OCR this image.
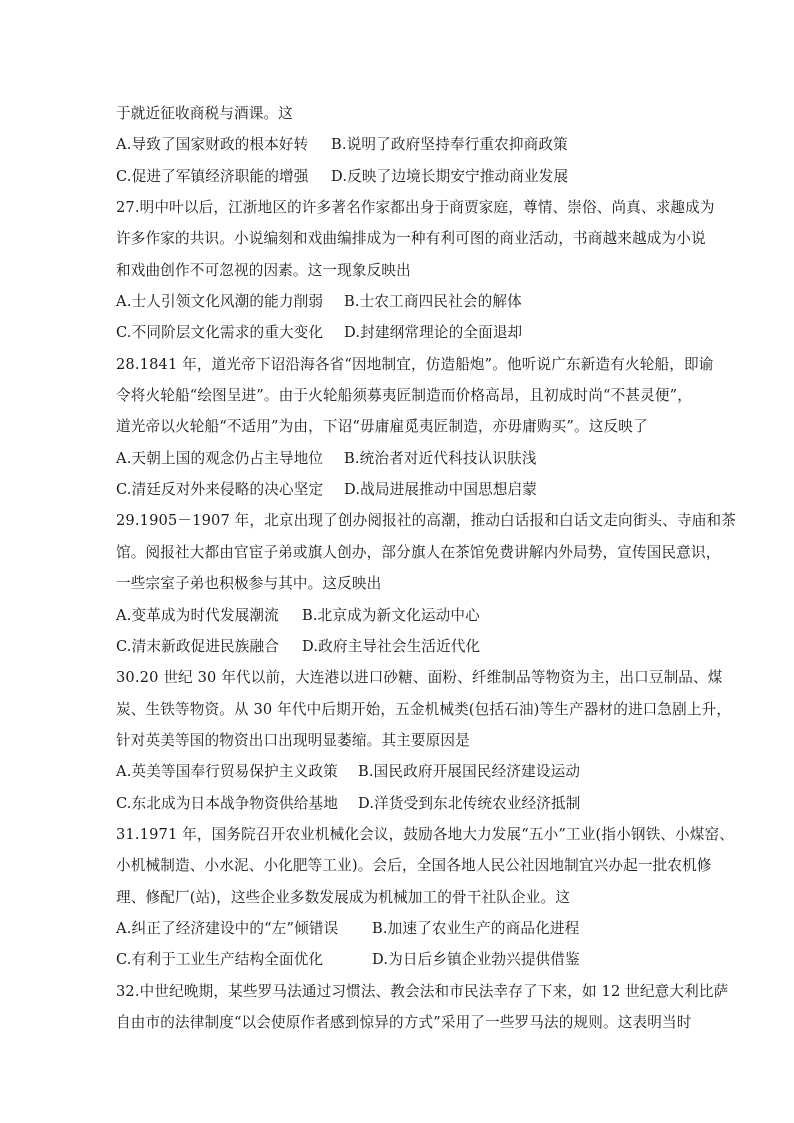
于就近征收商税与酒课。这
A.导致了国家财政的根本好转	B.说明了政府坚持奉行重农抑商政策
C.促进了军镇经济职能的增强	D.反映了边境长期安宁推动商业发展
27.明中叶以后，江浙地区的许多著名作家都出身于商贾家庭，尊情、崇俗、尚真、求趣成为
许多作家的共识。小说编刻和戏曲编排成为一种有利可图的商业活动，书商越来越成为小说
和戏曲创作不可忽视的因素。这一现象反映出
A.士人引领文化风潮的能力削弱	B.士农工商四民社会的解体
C.不同阶层文化需求的重大变化	D.封建纲常理论的全面退却
28.1841 年，道光帝下诏沿海各省“因地制宜，仿造船炮”。他听说广东新造有火轮船，即谕
令将火轮船“绘图呈进”。由于火轮船须募夷匠制造而价格高昂，且初成时尚“不甚灵便”，
道光帝以火轮船“不适用”为由，下诏“毋庸雇觅夷匠制造，亦毋庸购买”。这反映了
A.天朝上国的观念仍占主导地位	B.统治者对近代科技认识肤浅
C.清廷反对外来侵略的决心坚定	D.战局进展推动中国思想启蒙
29.1905－1907 年，北京出现了创办阅报社的高潮，推动白话报和白话文走向街头、寺庙和茶
馆。阅报社大都由官宦子弟或旗人创办，部分旗人在茶馆免费讲解内外局势，宣传国民意识，
一些宗室子弟也积极参与其中。这反映出
A.变革成为时代发展潮流	B.北京成为新文化运动中心
C.清末新政促进民族融合	D.政府主导社会生活近代化
30.20 世纪 30 年代以前，大连港以进口砂糖、面粉、纤维制品等物资为主，出口豆制品、煤
炭、生铁等物资。从 30 年代中后期开始，五金机械类(包括石油)等生产器材的进口急剧上升，
针对英美等国的物资出口出现明显萎缩。其主要原因是
A.英美等国奉行贸易保护主义政策	B.国民政府开展国民经济建设运动
C.东北成为日本战争物资供给基地	D.洋货受到东北传统农业经济抵制
31.1971 年，国务院召开农业机械化会议，鼓励各地大力发展“五小”工业(指小钢铁、小煤窑、
小机械制造、小水泥、小化肥等工业)。会后，全国各地人民公社因地制宜兴办起一批农机修
理、修配厂(站)，这些企业多数发展成为机械加工的骨干社队企业。这
A.纠正了经济建设中的“左”倾错误	B.加速了农业生产的商品化进程
C.有利于工业生产结构全面优化	D.为日后乡镇企业勃兴提供借鉴
32.中世纪晚期，某些罗马法通过习惯法、教会法和市民法幸存了下来，如 12 世纪意大利比萨
自由市的法律制度“以会使原作者感到惊异的方式”采用了一些罗马法的规则。这表明当时
